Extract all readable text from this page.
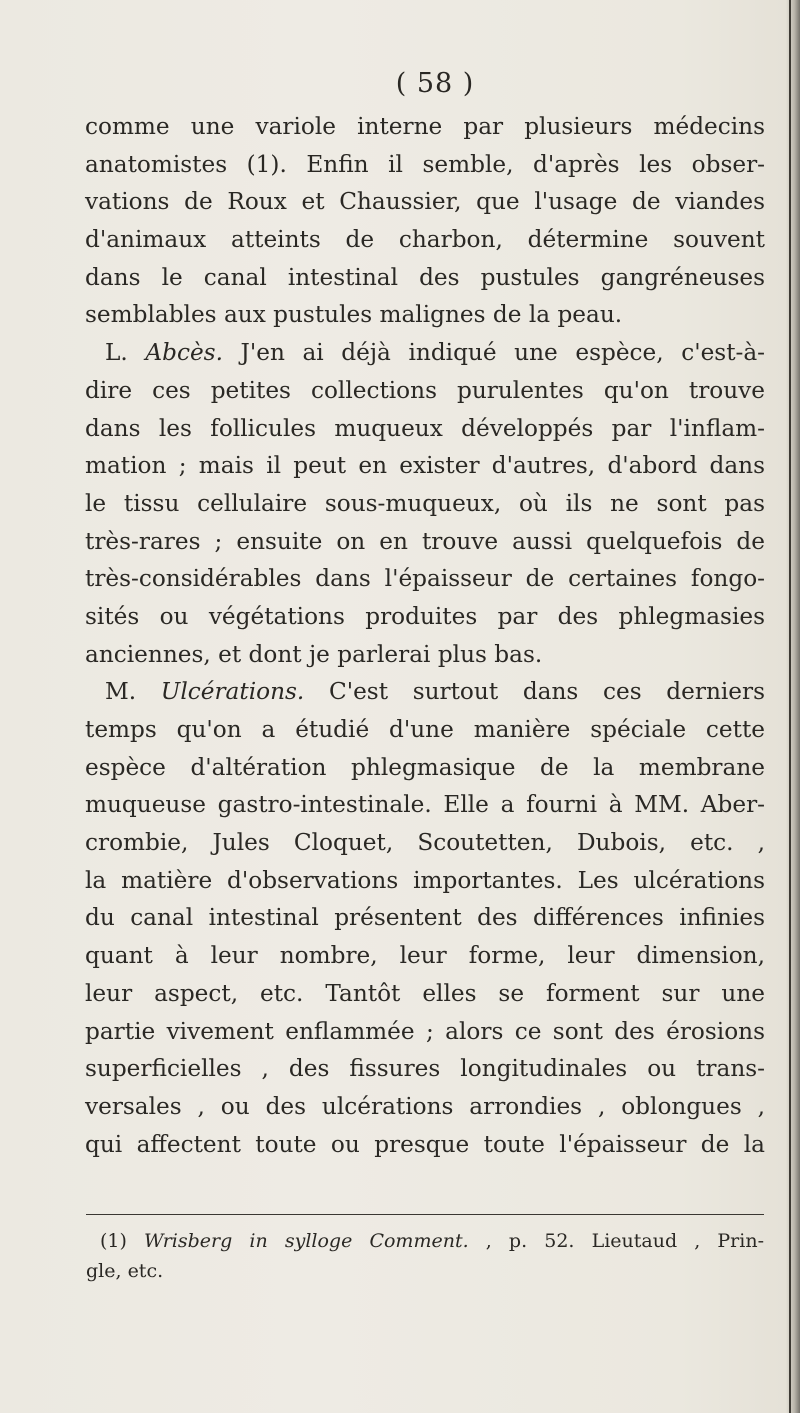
( 58 )
comme une variole interne par plusieurs médecins
anatomistes (1). Enfin il semble, d'après les obser-
vations de Roux et Chaussier, que l'usage de viandes
d'animaux atteints de charbon, détermine souvent
dans le canal intestinal des pustules gangréneuses
semblables aux pustules malignes de la peau.
L. Abcès. J'en ai déjà indiqué une espèce, c'est-à-
dire ces petites collections purulentes qu'on trouve
dans les follicules muqueux développés par l'inflam-
mation ; mais il peut en exister d'autres, d'abord dans
le tissu cellulaire sous-muqueux, où ils ne sont pas
très-rares ; ensuite on en trouve aussi quelquefois de
très-considérables dans l'épaisseur de certaines fongo-
sités ou végétations produites par des phlegmasies
anciennes, et dont je parlerai plus bas.
M. Ulcérations. C'est surtout dans ces derniers
temps qu'on a étudié d'une manière spéciale cette
espèce d'altération phlegmasique de la membrane
muqueuse gastro-intestinale. Elle a fourni à MM. Aber-
crombie, Jules Cloquet, Scoutetten, Dubois, etc. ,
la matière d'observations importantes. Les ulcérations
du canal intestinal présentent des différences infinies
quant à leur nombre, leur forme, leur dimension,
leur aspect, etc. Tantôt elles se forment sur une
partie vivement enflammée ; alors ce sont des érosions
superficielles , des fissures longitudinales ou trans-
versales , ou des ulcérations arrondies , oblongues ,
qui affectent toute ou presque toute l'épaisseur de la
(1) Wrisberg in sylloge Comment. , p. 52. Lieutaud , Prin-
gle, etc.
